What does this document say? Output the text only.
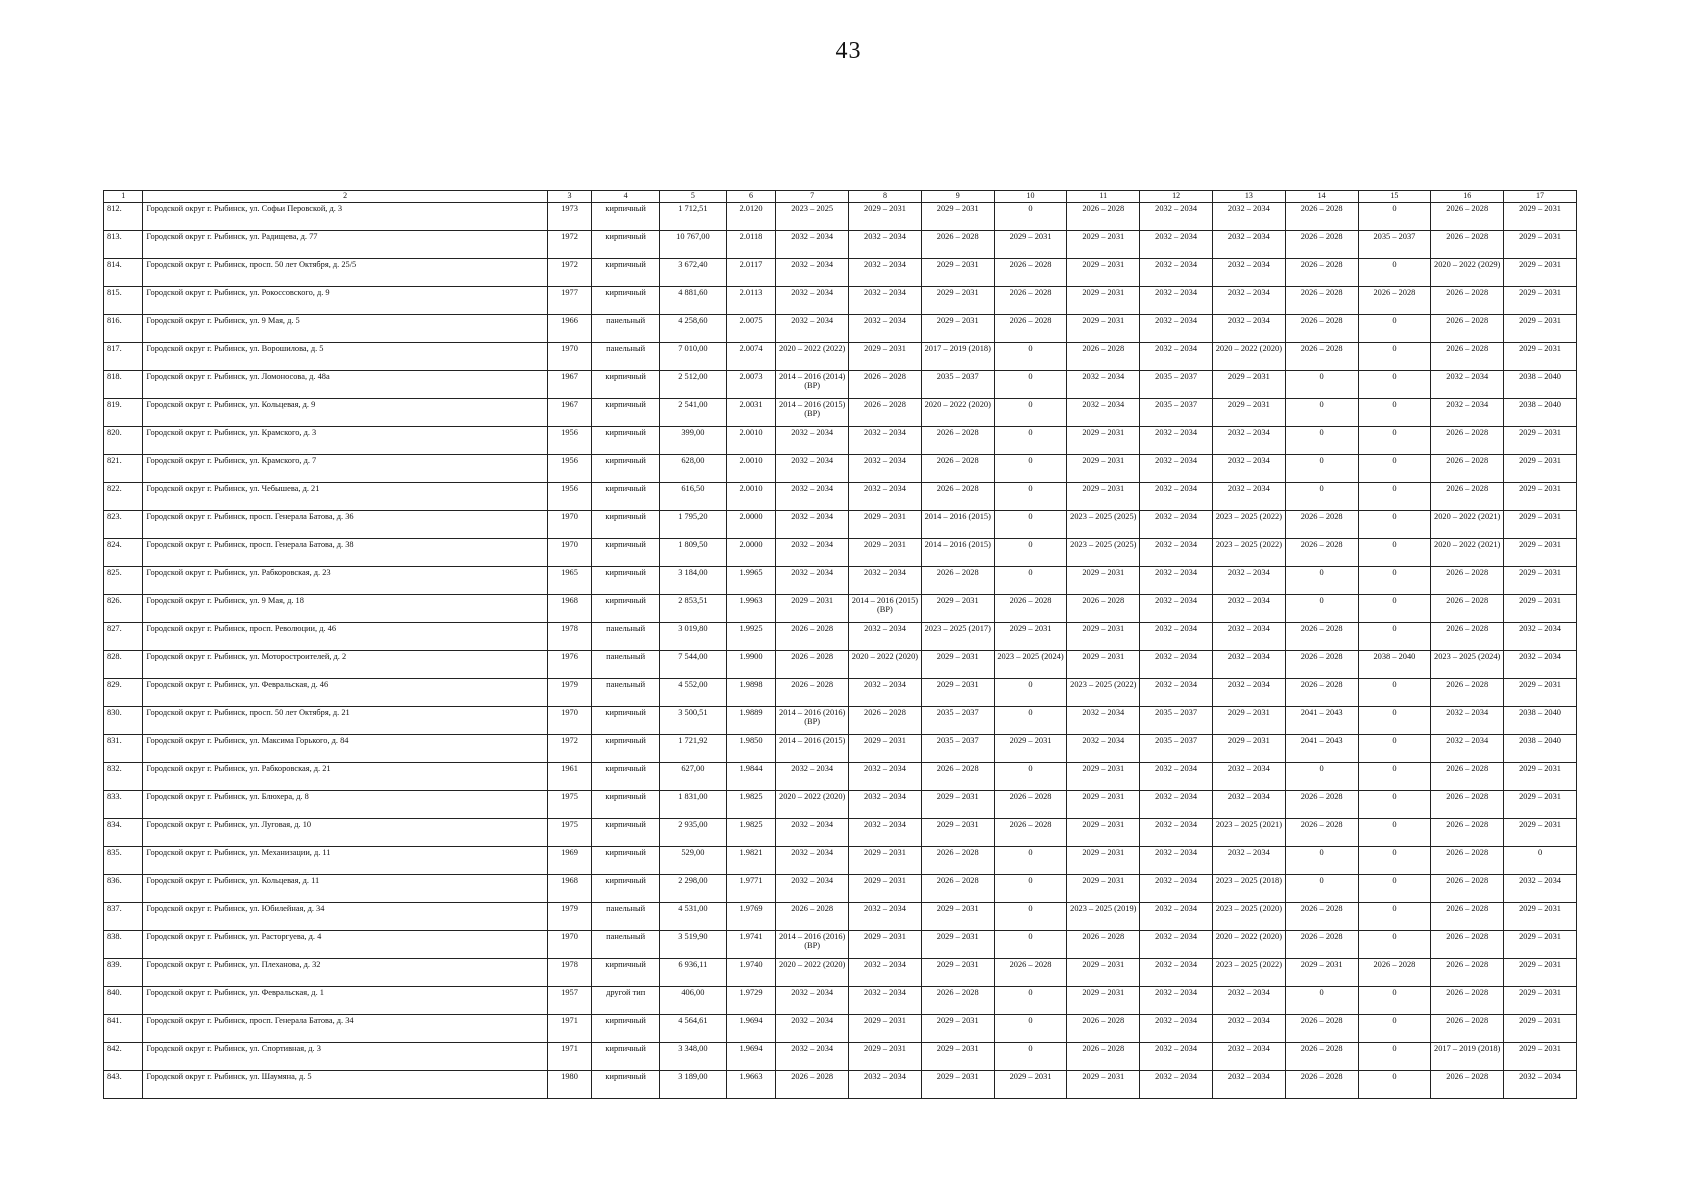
43
1	2	3	4	5	6	7	8	9	10	11	12	13	14	15	16	17
812.	Городской округ г. Рыбинск, ул. Софьи Перовской, д. 3	1973	кирпичный	1 712,51	2.0120	2023 – 2025	2029 – 2031	2029 – 2031	0	2026 – 2028	2032 – 2034	2032 – 2034	2026 – 2028	0	2026 – 2028	2029 – 2031
813.	Городской округ г. Рыбинск, ул. Радищева, д. 77	1972	кирпичный	10 767,00	2.0118	2032 – 2034	2032 – 2034	2026 – 2028	2029 – 2031	2029 – 2031	2032 – 2034	2032 – 2034	2026 – 2028	2035 – 2037	2026 – 2028	2029 – 2031
814.	Городской округ г. Рыбинск, просп. 50 лет Октября, д. 25/5	1972	кирпичный	3 672,40	2.0117	2032 – 2034	2032 – 2034	2029 – 2031	2026 – 2028	2029 – 2031	2032 – 2034	2032 – 2034	2026 – 2028	0	2020 – 2022 (2029)	2029 – 2031
815.	Городской округ г. Рыбинск, ул. Рокоссовского, д. 9	1977	кирпичный	4 881,60	2.0113	2032 – 2034	2032 – 2034	2029 – 2031	2026 – 2028	2029 – 2031	2032 – 2034	2032 – 2034	2026 – 2028	2026 – 2028	2026 – 2028	2029 – 2031
816.	Городской округ г. Рыбинск, ул. 9 Мая, д. 5	1966	панельный	4 258,60	2.0075	2032 – 2034	2032 – 2034	2029 – 2031	2026 – 2028	2029 – 2031	2032 – 2034	2032 – 2034	2026 – 2028	0	2026 – 2028	2029 – 2031
817.	Городской округ г. Рыбинск, ул. Ворошилова, д. 5	1970	панельный	7 010,00	2.0074	2020 – 2022 (2022)	2029 – 2031	2017 – 2019 (2018)	0	2026 – 2028	2032 – 2034	2020 – 2022 (2020)	2026 – 2028	0	2026 – 2028	2029 – 2031
818.	Городской округ г. Рыбинск, ул. Ломоносова, д. 48а	1967	кирпичный	2 512,00	2.0073	2014 – 2016 (2014) (ВР)	2026 – 2028	2035 – 2037	0	2032 – 2034	2035 – 2037	2029 – 2031	0	0	2032 – 2034	2038 – 2040
819.	Городской округ г. Рыбинск, ул. Кольцевая, д. 9	1967	кирпичный	2 541,00	2.0031	2014 – 2016 (2015) (ВР)	2026 – 2028	2020 – 2022 (2020)	0	2032 – 2034	2035 – 2037	2029 – 2031	0	0	2032 – 2034	2038 – 2040
820.	Городской округ г. Рыбинск, ул. Крамского, д. 3	1956	кирпичный	399,00	2.0010	2032 – 2034	2032 – 2034	2026 – 2028	0	2029 – 2031	2032 – 2034	2032 – 2034	0	0	2026 – 2028	2029 – 2031
821.	Городской округ г. Рыбинск, ул. Крамского, д. 7	1956	кирпичный	628,00	2.0010	2032 – 2034	2032 – 2034	2026 – 2028	0	2029 – 2031	2032 – 2034	2032 – 2034	0	0	2026 – 2028	2029 – 2031
822.	Городской округ г. Рыбинск, ул. Чебышева, д. 21	1956	кирпичный	616,50	2.0010	2032 – 2034	2032 – 2034	2026 – 2028	0	2029 – 2031	2032 – 2034	2032 – 2034	0	0	2026 – 2028	2029 – 2031
823.	Городской округ г. Рыбинск, просп. Генерала Батова, д. 36	1970	кирпичный	1 795,20	2.0000	2032 – 2034	2029 – 2031	2014 – 2016 (2015)	0	2023 – 2025 (2025)	2032 – 2034	2023 – 2025 (2022)	2026 – 2028	0	2020 – 2022 (2021)	2029 – 2031
824.	Городской округ г. Рыбинск, просп. Генерала Батова, д. 38	1970	кирпичный	1 809,50	2.0000	2032 – 2034	2029 – 2031	2014 – 2016 (2015)	0	2023 – 2025 (2025)	2032 – 2034	2023 – 2025 (2022)	2026 – 2028	0	2020 – 2022 (2021)	2029 – 2031
825.	Городской округ г. Рыбинск, ул. Рабкоровская, д. 23	1965	кирпичный	3 184,00	1.9965	2032 – 2034	2032 – 2034	2026 – 2028	0	2029 – 2031	2032 – 2034	2032 – 2034	0	0	2026 – 2028	2029 – 2031
826.	Городской округ г. Рыбинск, ул. 9 Мая, д. 18	1968	кирпичный	2 853,51	1.9963	2029 – 2031	2014 – 2016 (2015) (ВР)	2029 – 2031	2026 – 2028	2026 – 2028	2032 – 2034	2032 – 2034	0	0	2026 – 2028	2029 – 2031
827.	Городской округ г. Рыбинск, просп. Революции, д. 46	1978	панельный	3 019,80	1.9925	2026 – 2028	2032 – 2034	2023 – 2025 (2017)	2029 – 2031	2029 – 2031	2032 – 2034	2032 – 2034	2026 – 2028	0	2026 – 2028	2032 – 2034
828.	Городской округ г. Рыбинск, ул. Моторостроителей, д. 2	1976	панельный	7 544,00	1.9900	2026 – 2028	2020 – 2022 (2020)	2029 – 2031	2023 – 2025 (2024)	2029 – 2031	2032 – 2034	2032 – 2034	2026 – 2028	2038 – 2040	2023 – 2025 (2024)	2032 – 2034
829.	Городской округ г. Рыбинск, ул. Февральская, д. 46	1979	панельный	4 552,00	1.9898	2026 – 2028	2032 – 2034	2029 – 2031	0	2023 – 2025 (2022)	2032 – 2034	2032 – 2034	2026 – 2028	0	2026 – 2028	2029 – 2031
830.	Городской округ г. Рыбинск, просп. 50 лет Октября, д. 21	1970	кирпичный	3 500,51	1.9889	2014 – 2016 (2016) (ВР)	2026 – 2028	2035 – 2037	0	2032 – 2034	2035 – 2037	2029 – 2031	2041 – 2043	0	2032 – 2034	2038 – 2040
831.	Городской округ г. Рыбинск, ул. Максима Горького, д. 84	1972	кирпичный	1 721,92	1.9850	2014 – 2016 (2015)	2029 – 2031	2035 – 2037	2029 – 2031	2032 – 2034	2035 – 2037	2029 – 2031	2041 – 2043	0	2032 – 2034	2038 – 2040
832.	Городской округ г. Рыбинск, ул. Рабкоровская, д. 21	1961	кирпичный	627,00	1.9844	2032 – 2034	2032 – 2034	2026 – 2028	0	2029 – 2031	2032 – 2034	2032 – 2034	0	0	2026 – 2028	2029 – 2031
833.	Городской округ г. Рыбинск, ул. Блюхера, д. 8	1975	кирпичный	1 831,00	1.9825	2020 – 2022 (2020)	2032 – 2034	2029 – 2031	2026 – 2028	2029 – 2031	2032 – 2034	2032 – 2034	2026 – 2028	0	2026 – 2028	2029 – 2031
834.	Городской округ г. Рыбинск, ул. Луговая, д. 10	1975	кирпичный	2 935,00	1.9825	2032 – 2034	2032 – 2034	2029 – 2031	2026 – 2028	2029 – 2031	2032 – 2034	2023 – 2025 (2021)	2026 – 2028	0	2026 – 2028	2029 – 2031
835.	Городской округ г. Рыбинск, ул. Механизации, д. 11	1969	кирпичный	529,00	1.9821	2032 – 2034	2029 – 2031	2026 – 2028	0	2029 – 2031	2032 – 2034	2032 – 2034	0	0	2026 – 2028	0
836.	Городской округ г. Рыбинск, ул. Кольцевая, д. 11	1968	кирпичный	2 298,00	1.9771	2032 – 2034	2029 – 2031	2026 – 2028	0	2029 – 2031	2032 – 2034	2023 – 2025 (2018)	0	0	2026 – 2028	2032 – 2034
837.	Городской округ г. Рыбинск, ул. Юбилейная, д. 34	1979	панельный	4 531,00	1.9769	2026 – 2028	2032 – 2034	2029 – 2031	0	2023 – 2025 (2019)	2032 – 2034	2023 – 2025 (2020)	2026 – 2028	0	2026 – 2028	2029 – 2031
838.	Городской округ г. Рыбинск, ул. Расторгуева, д. 4	1970	панельный	3 519,90	1.9741	2014 – 2016 (2016) (ВР)	2029 – 2031	2029 – 2031	0	2026 – 2028	2032 – 2034	2020 – 2022 (2020)	2026 – 2028	0	2026 – 2028	2029 – 2031
839.	Городской округ г. Рыбинск, ул. Плеханова, д. 32	1978	кирпичный	6 936,11	1.9740	2020 – 2022 (2020)	2032 – 2034	2029 – 2031	2026 – 2028	2029 – 2031	2032 – 2034	2023 – 2025 (2022)	2029 – 2031	2026 – 2028	2026 – 2028	2029 – 2031
840.	Городской округ г. Рыбинск, ул. Февральская, д. 1	1957	другой тип	406,00	1.9729	2032 – 2034	2032 – 2034	2026 – 2028	0	2029 – 2031	2032 – 2034	2032 – 2034	0	0	2026 – 2028	2029 – 2031
841.	Городской округ г. Рыбинск, просп. Генерала Батова, д. 34	1971	кирпичный	4 564,61	1.9694	2032 – 2034	2029 – 2031	2029 – 2031	0	2026 – 2028	2032 – 2034	2032 – 2034	2026 – 2028	0	2026 – 2028	2029 – 2031
842.	Городской округ г. Рыбинск, ул. Спортивная, д. 3	1971	кирпичный	3 348,00	1.9694	2032 – 2034	2029 – 2031	2029 – 2031	0	2026 – 2028	2032 – 2034	2032 – 2034	2026 – 2028	0	2017 – 2019 (2018)	2029 – 2031
843.	Городской округ г. Рыбинск, ул. Шаумяна, д. 5	1980	кирпичный	3 189,00	1.9663	2026 – 2028	2032 – 2034	2029 – 2031	2029 – 2031	2029 – 2031	2032 – 2034	2032 – 2034	2026 – 2028	0	2026 – 2028	2032 – 2034
